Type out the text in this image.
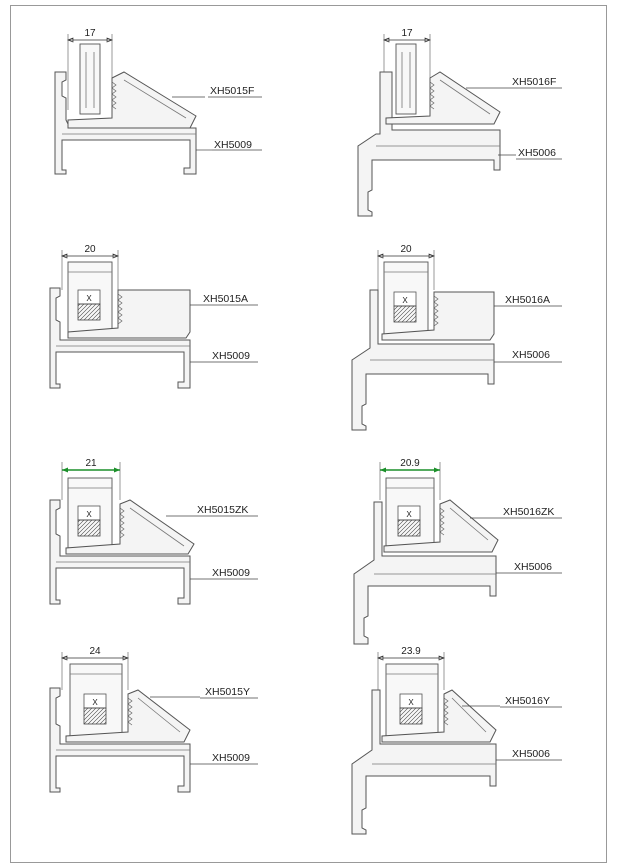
17
XH5015F
XH5009
17
XH5016F
XH5006
20
X	XH5015A
XH5009
20
X	XH5016A
XH5006
21
X	XH5015ZK
XH5009
20.9
X	XH5016ZK
XH5006
24
X
XH5015Y
XH5009
23.9
X	XH5016Y
XH5006
